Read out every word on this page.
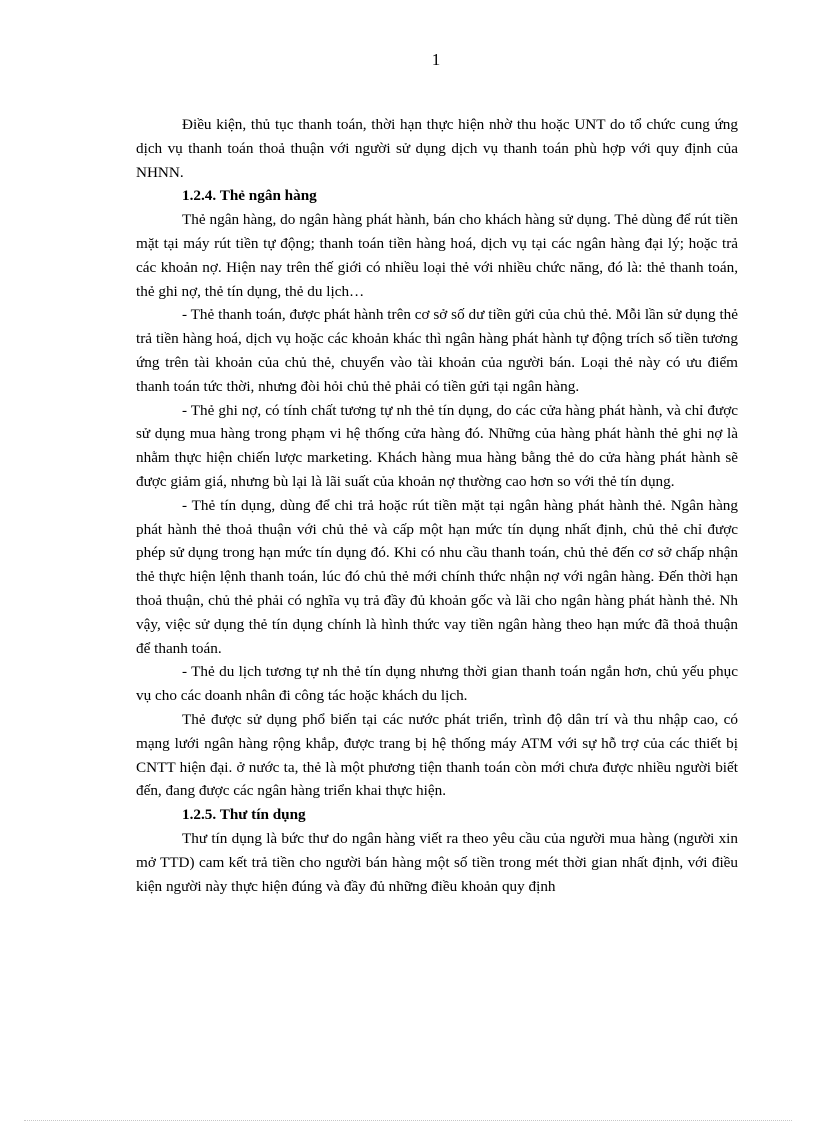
1

Điều kiện, thủ tục thanh toán, thời hạn thực hiện nhờ thu hoặc UNT do tổ chức cung ứng dịch vụ thanh toán thoả thuận với người sử dụng dịch vụ thanh toán phù hợp với quy định của NHNN.

1.2.4. Thẻ ngân hàng

Thẻ ngân hàng, do ngân hàng phát hành, bán cho khách hàng sử dụng. Thẻ dùng để rút tiền mặt tại máy rút tiền tự động; thanh toán tiền hàng hoá, dịch vụ tại các ngân hàng đại lý; hoặc trả các khoản nợ. Hiện nay trên thế giới có nhiều loại thẻ với nhiều chức năng, đó là: thẻ thanh toán, thẻ ghi nợ, thẻ tín dụng, thẻ du lịch…

- Thẻ thanh toán, được phát hành trên cơ sở số dư tiền gửi của chủ thẻ. Mỗi lần sử dụng thẻ trả tiền hàng hoá, dịch vụ hoặc các khoản khác thì ngân hàng phát hành tự động trích số tiền tương ứng trên tài khoản của chủ thẻ, chuyển vào tài khoản của người bán. Loại thẻ này có ưu điểm thanh toán tức thời, nhưng đòi hỏi chủ thẻ phải có tiền gửi tại ngân hàng.

- Thẻ ghi nợ, có tính chất tương tự nh thẻ tín dụng, do các cửa hàng phát hành, và chỉ được sử dụng mua hàng trong phạm vi hệ thống cửa hàng đó. Những của hàng phát hành thẻ ghi nợ là nhằm thực hiện chiến lược marketing. Khách hàng mua hàng bằng thẻ do cửa hàng phát hành sẽ được giảm giá, nhưng bù lại là lãi suất của khoản nợ thường cao hơn so với thẻ tín dụng.

- Thẻ tín dụng, dùng để chi trả hoặc rút tiền mặt tại ngân hàng phát hành thẻ. Ngân hàng phát hành thẻ thoả thuận với chủ thẻ và cấp một hạn mức tín dụng nhất định, chủ thẻ chỉ được phép sử dụng trong hạn mức tín dụng đó. Khi có nhu cầu thanh toán, chủ thẻ đến cơ sở chấp nhận thẻ thực hiện lệnh thanh toán, lúc đó chủ thẻ mới chính thức nhận nợ với ngân hàng. Đến thời hạn thoả thuận, chủ thẻ phải có nghĩa vụ trả đầy đủ khoản gốc và lãi cho ngân hàng phát hành thẻ. Nh vậy, việc sử dụng thẻ tín dụng chính là hình thức vay tiền ngân hàng theo hạn mức đã thoả thuận để thanh toán.

- Thẻ du lịch tương tự nh thẻ tín dụng nhưng thời gian thanh toán ngắn hơn, chủ yếu phục vụ cho các doanh nhân đi công tác hoặc khách du lịch.

Thẻ được sử dụng phổ biến tại các nước phát triển, trình độ dân trí và thu nhập cao, có mạng lưới ngân hàng rộng khắp, được trang bị hệ thống máy ATM với sự hỗ trợ của các thiết bị CNTT hiện đại. ở nước ta, thẻ là một phương tiện thanh toán còn mới chưa được nhiều người biết đến, đang được các ngân hàng triển khai thực hiện.

1.2.5. Thư tín dụng

Thư tín dụng là bức thư do ngân hàng viết ra theo yêu cầu của người mua hàng (người xin mở TTD) cam kết trả tiền cho người bán hàng một số tiền trong mét thời gian nhất định, với điều kiện người này thực hiện đúng và đầy đủ những điều khoản quy định
